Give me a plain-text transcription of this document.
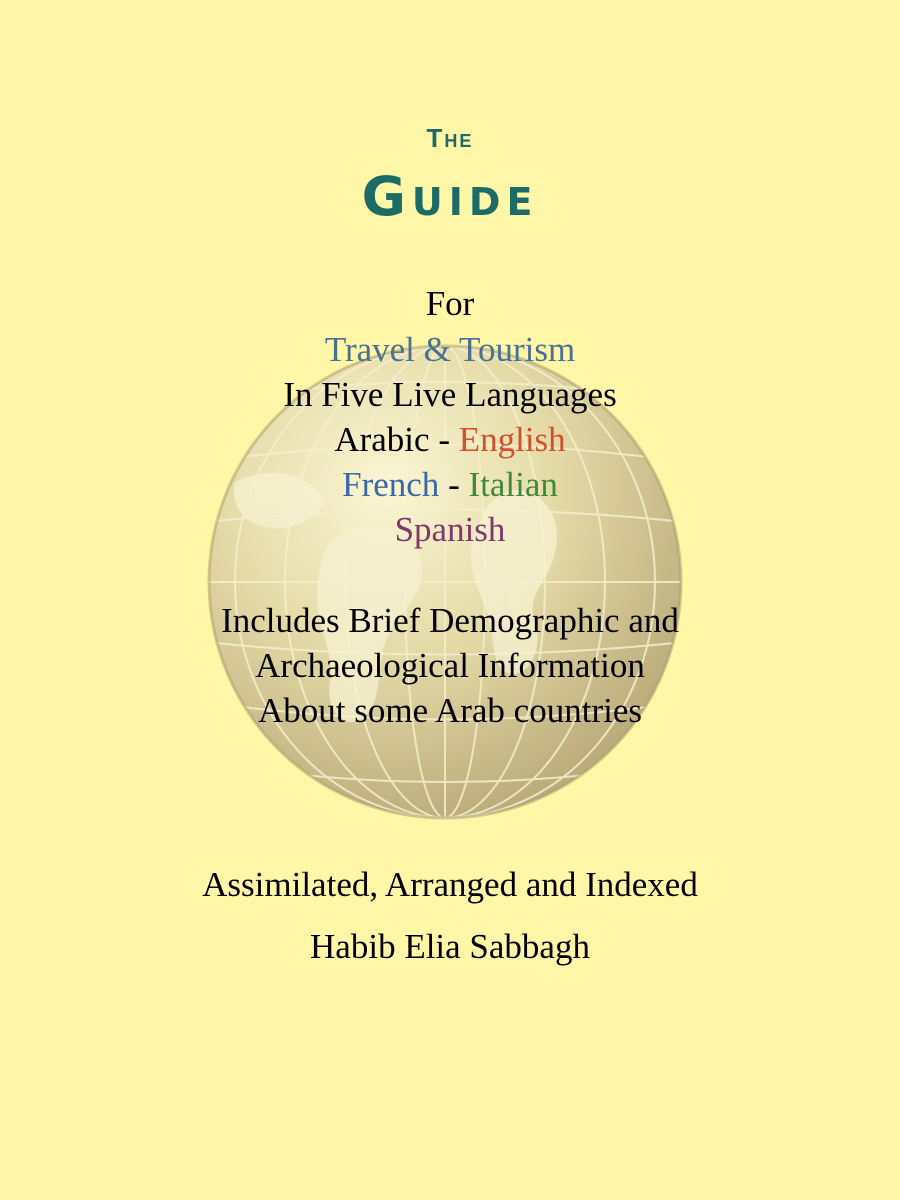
The
Guide
For
Travel & Tourism
In Five Live Languages
Arabic - English
French - Italian
Spanish
Includes Brief Demographic and
Archaeological Information
About some Arab countries
Assimilated, Arranged and Indexed
Habib Elia Sabbagh
